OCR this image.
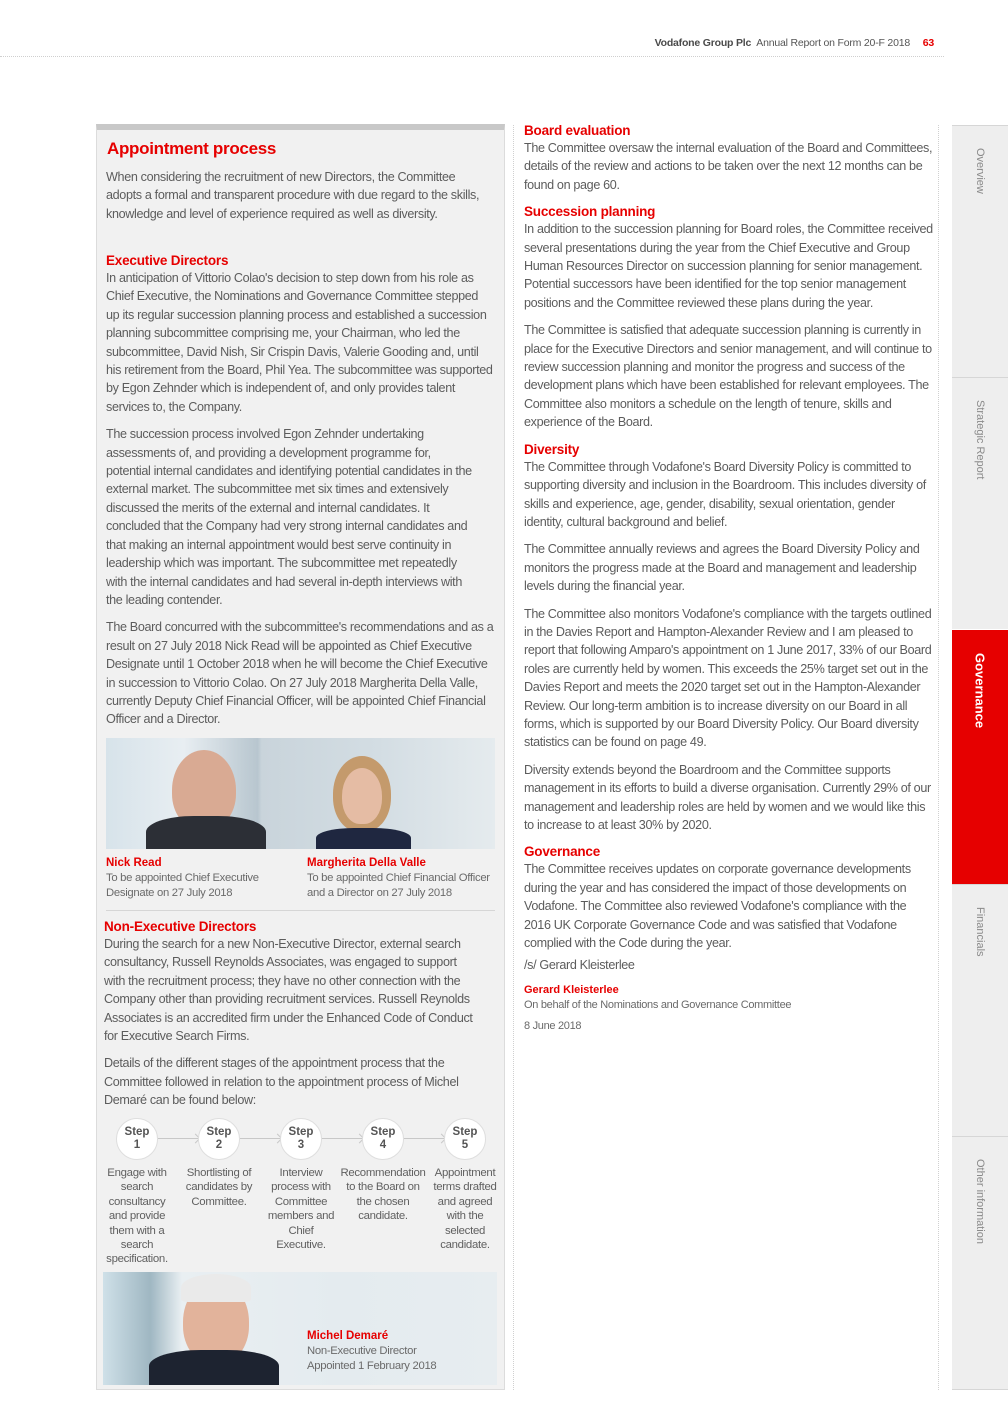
Vodafone Group Plc Annual Report on Form 20-F 2018 63
Appointment process

When considering the recruitment of new Directors, the Committee adopts a formal and transparent procedure with due regard to the skills, knowledge and level of experience required as well as diversity.

Executive Directors

In anticipation of Vittorio Colao's decision to step down from his role as Chief Executive, the Nominations and Governance Committee stepped up its regular succession planning process and established a succession planning subcommittee comprising me, your Chairman, who led the subcommittee, David Nish, Sir Crispin Davis, Valerie Gooding and, until his retirement from the Board, Phil Yea. The subcommittee was supported by Egon Zehnder which is independent of, and only provides talent services to, the Company.

The succession process involved Egon Zehnder undertaking assessments of, and providing a development programme for, potential internal candidates and identifying potential candidates in the external market. The subcommittee met six times and extensively discussed the merits of the external and internal candidates. It concluded that the Company had very strong internal candidates and that making an internal appointment would best serve continuity in leadership which was important. The subcommittee met repeatedly with the internal candidates and had several in-depth interviews with the leading contender.

The Board concurred with the subcommittee's recommendations and as a result on 27 July 2018 Nick Read will be appointed as Chief Executive Designate until 1 October 2018 when he will become the Chief Executive in succession to Vittorio Colao. On 27 July 2018 Margherita Della Valle, currently Deputy Chief Financial Officer, will be appointed Chief Financial Officer and a Director.

Nick Read
To be appointed Chief Executive Designate on 27 July 2018
Margherita Della Valle
To be appointed Chief Financial Officer and a Director on 27 July 2018
Non-Executive Directors

During the search for a new Non-Executive Director, external search consultancy, Russell Reynolds Associates, was engaged to support with the recruitment process; they have no other connection with the Company other than providing recruitment services. Russell Reynolds Associates is an accredited firm under the Enhanced Code of Conduct for Executive Search Firms.

Details of the different stages of the appointment process that the Committee followed in relation to the appointment process of Michel Demaré can be found below:

Step
1
Engage with search consultancy and provide them with a search specification.
Step
2
Shortlisting of candidates by Committee.
Step
3
Interview process with Committee members and Chief Executive.
Step
4
Recommendation to the Board on the chosen candidate.
Step
5
Appointment terms drafted and agreed with the selected candidate.
Michel Demaré
Non-Executive Director
Appointed 1 February 2018
Board evaluation

The Committee oversaw the internal evaluation of the Board and Committees, details of the review and actions to be taken over the next 12 months can be found on page 60.

Succession planning

In addition to the succession planning for Board roles, the Committee received several presentations during the year from the Chief Executive and Group Human Resources Director on succession planning for senior management. Potential successors have been identified for the top senior management positions and the Committee reviewed these plans during the year.

The Committee is satisfied that adequate succession planning is currently in place for the Executive Directors and senior management, and will continue to review succession planning and monitor the progress and success of the development plans which have been established for relevant employees. The Committee also monitors a schedule on the length of tenure, skills and experience of the Board.

Diversity

The Committee through Vodafone's Board Diversity Policy is committed to supporting diversity and inclusion in the Boardroom. This includes diversity of skills and experience, age, gender, disability, sexual orientation, gender identity, cultural background and belief.

The Committee annually reviews and agrees the Board Diversity Policy and monitors the progress made at the Board and management and leadership levels during the financial year.

The Committee also monitors Vodafone's compliance with the targets outlined in the Davies Report and Hampton-Alexander Review and I am pleased to report that following Amparo's appointment on 1 June 2017, 33% of our Board roles are currently held by women. This exceeds the 25% target set out in the Davies Report and meets the 2020 target set out in the Hampton-Alexander Review. Our long-term ambition is to increase diversity on our Board in all forms, which is supported by our Board Diversity Policy. Our Board diversity statistics can be found on page 49.

Diversity extends beyond the Boardroom and the Committee supports management in its efforts to build a diverse organisation. Currently 29% of our management and leadership roles are held by women and we would like this to increase to at least 30% by 2020.

Governance

The Committee receives updates on corporate governance developments during the year and has considered the impact of those developments on Vodafone. The Committee also reviewed Vodafone's compliance with the 2016 UK Corporate Governance Code and was satisfied that Vodafone complied with the Code during the year.

/s/ Gerard Kleisterlee

Gerard Kleisterlee
On behalf of the Nominations and Governance Committee
8 June 2018
Overview
Strategic Report
Governance
Financials
Other information
